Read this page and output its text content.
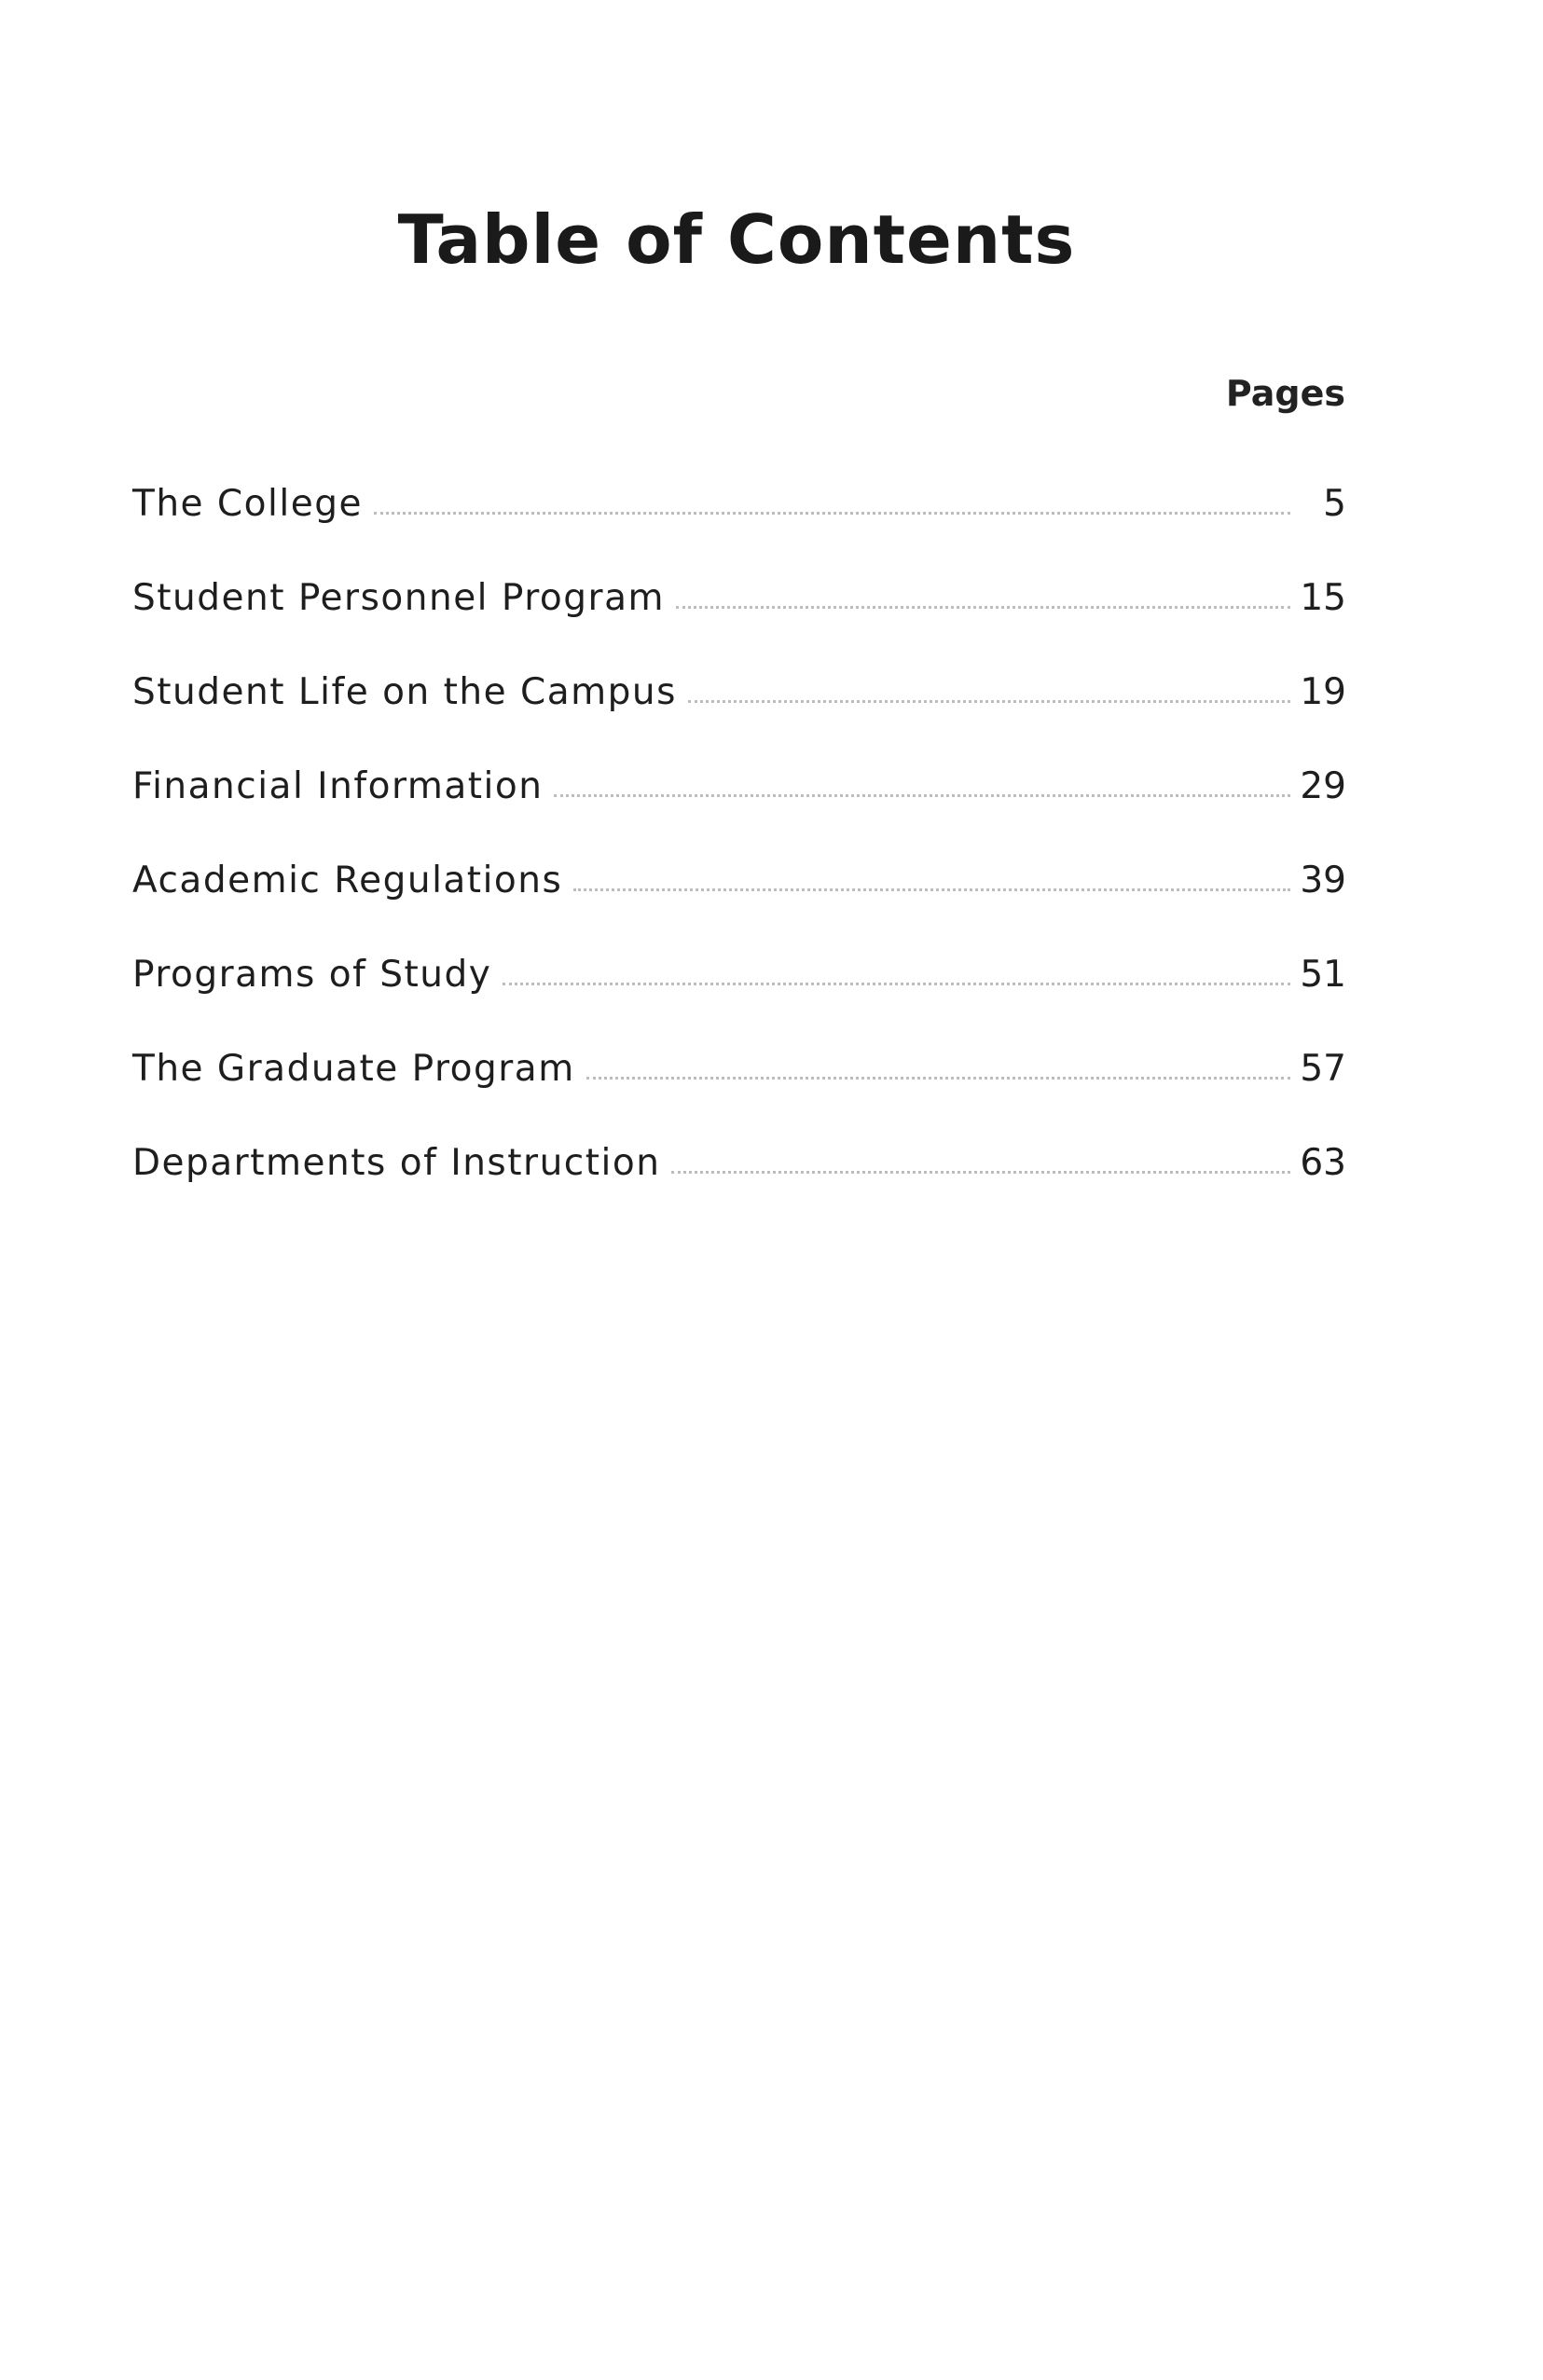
Table of Contents
Pages
The College	5
Student Personnel Program	15
Student Life on the Campus	19
Financial Information	29
Academic Regulations	39
Programs of Study	51
The Graduate Program	57
Departments of Instruction	63
